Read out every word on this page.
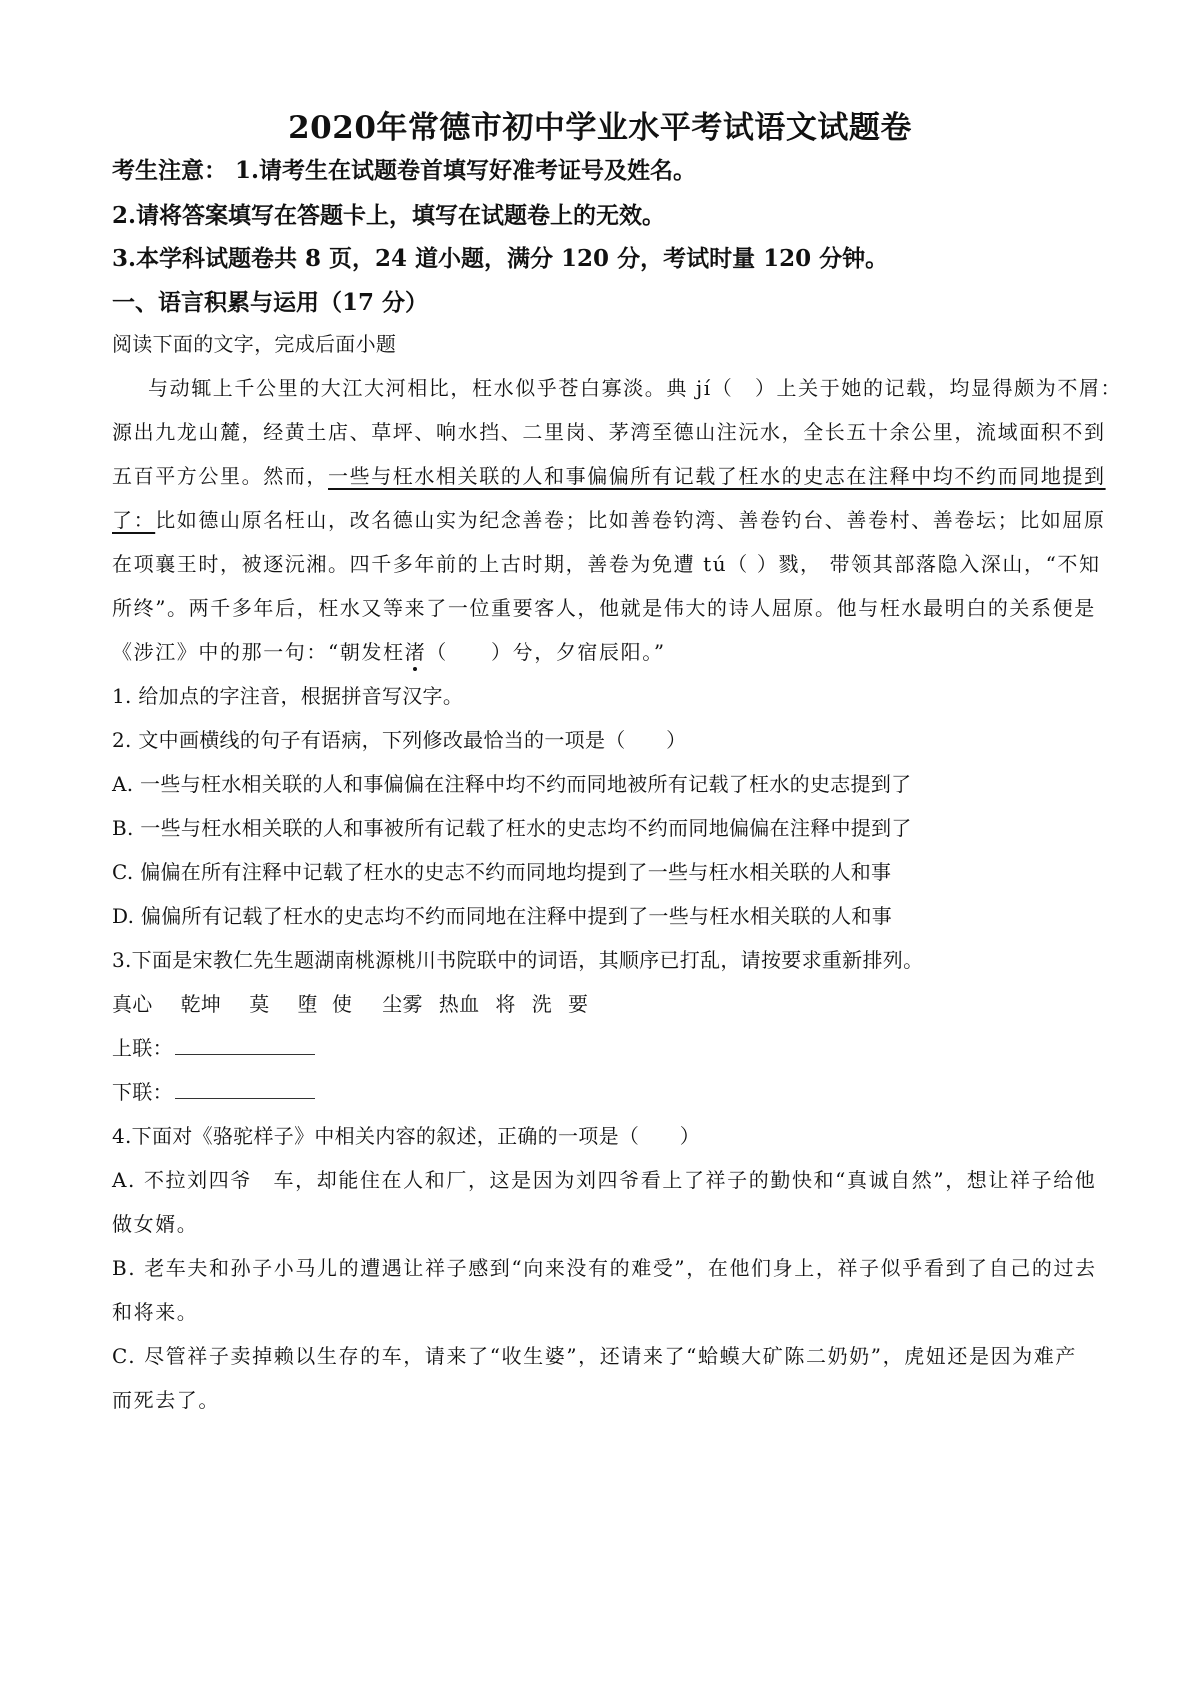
2020年常德市初中学业水平考试语文试题卷
考生注意： 1.请考生在试题卷首填写好准考证号及姓名。
2.请将答案填写在答题卡上，填写在试题卷上的无效。
3.本学科试题卷共 8 页，24 道小题，满分 120 分，考试时量 120 分钟。
一、语言积累与运用（17 分）
阅读下面的文字，完成后面小题
与动辄上千公里的大江大河相比，枉水似乎苍白寡淡。典 jí（　）上关于她的记载，均显得颇为不屑：
源出九龙山麓，经黄土店、草坪、响水挡、二里岗、茅湾至德山注沅水，全长五十余公里，流域面积不到
五百平方公里。然而，一些与枉水相关联的人和事偏偏所有记载了枉水的史志在注释中均不约而同地提到
了：比如德山原名枉山，改名德山实为纪念善卷；比如善卷钓湾、善卷钓台、善卷村、善卷坛；比如屈原
在项襄王时，被逐沅湘。四千多年前的上古时期，善卷为免遭 tú（ ）戮， 带领其部落隐入深山，“不知
所终”。两千多年后，枉水又等来了一位重要客人，他就是伟大的诗人屈原。他与枉水最明白的关系便是
《涉江》中的那一句：“朝发枉渚（　　）兮，夕宿辰阳。”
1. 给加点的字注音，根据拼音写汉字。
2. 文中画横线的句子有语病，下列修改最恰当的一项是（　　）
A. 一些与枉水相关联的人和事偏偏在注释中均不约而同地被所有记载了枉水的史志提到了
B. 一些与枉水相关联的人和事被所有记载了枉水的史志均不约而同地偏偏在注释中提到了
C. 偏偏在所有注释中记载了枉水的史志不约而同地均提到了一些与枉水相关联的人和事
D. 偏偏所有记载了枉水的史志均不约而同地在注释中提到了一些与枉水相关联的人和事
3.下面是宋教仁先生题湖南桃源桃川书院联中的词语，其顺序已打乱，请按要求重新排列。
真心 乾坤 莫 堕 使 尘雾 热血 将 洗 要
上联：
下联：
4.下面对《骆驼样子》中相关内容的叙述，正确的一项是（　　）
A. 不拉刘四爷　车，却能住在人和厂，这是因为刘四爷看上了祥子的勤快和“真诚自然”，想让祥子给他
做女婿。
B. 老车夫和孙子小马儿的遭遇让祥子感到“向来没有的难受”，在他们身上，祥子似乎看到了自己的过去
和将来。
C. 尽管祥子卖掉赖以生存的车，请来了“收生婆”，还请来了“蛤蟆大矿陈二奶奶”，虎妞还是因为难产
而死去了。
